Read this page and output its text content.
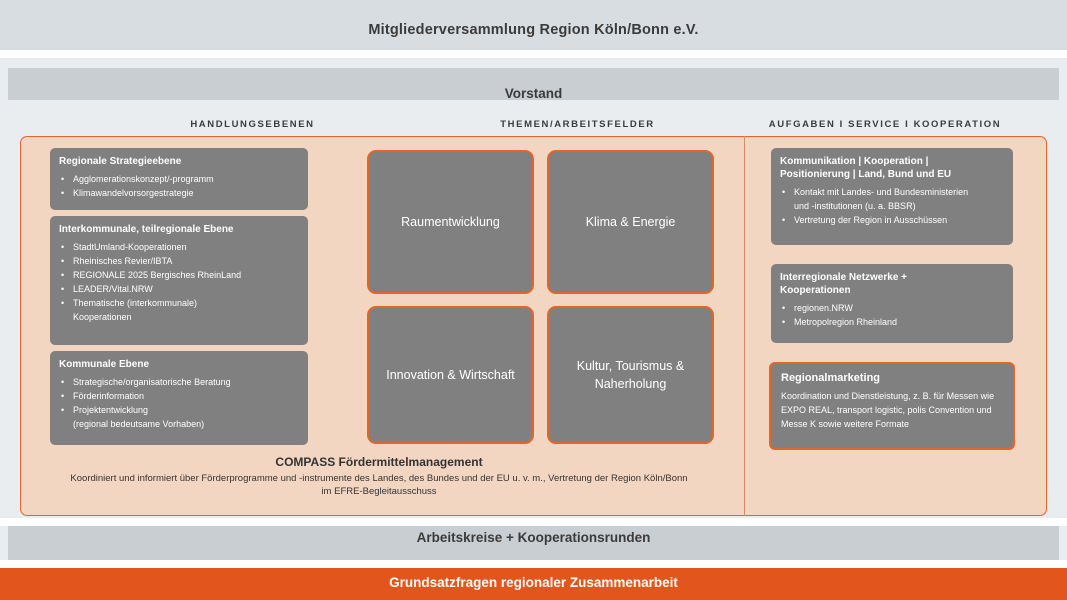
Mitgliederversammlung Region Köln/Bonn e.V.
Vorstand
HANDLUNGSEBENEN	THEMEN/ARBEITSFELDER	AUFGABEN I SERVICE I KOOPERATION
Regionale Strategieebene
• Agglomerationskonzept/-programm
• Klimawandelvorsorgestrategie
Interkommunale, teilregionale Ebene
• StadtUmland-Kooperationen
• Rheinisches Revier/IBTA
• REGIONALE 2025 Bergisches RheinLand
• LEADER/Vital.NRW
• Thematische (interkommunale)
Kooperationen
Kommunale Ebene
• Strategische/organisatorische Beratung
• Förderinformation
• Projektentwicklung
(regional bedeutsame Vorhaben)
Raumentwicklung	Klima & Energie
Innovation & Wirtschaft
Kultur, Tourismus & Naherholung
Kommunikation | Kooperation |
Positionierung | Land, Bund und EU
• Kontakt mit Landes- und Bundesministerien
und -institutionen (u. a. BBSR)
• Vertretung der Region in Ausschüssen
Interregionale Netzwerke +
Kooperationen
• regionen.NRW
• Metropolregion Rheinland
Regionalmarketing
Koordination und Dienstleistung, z. B. für Messen wie EXPO REAL, transport logistic, polis Convention und Messe K sowie weitere Formate
COMPASS Fördermittelmanagement
Koordiniert und informiert über Förderprogramme und -instrumente des Landes, des Bundes und der EU u. v. m., Vertretung der Region Köln/Bonn
im EFRE-Begleitausschuss
Arbeitskreise + Kooperationsrunden
Grundsatzfragen regionaler Zusammenarbeit
